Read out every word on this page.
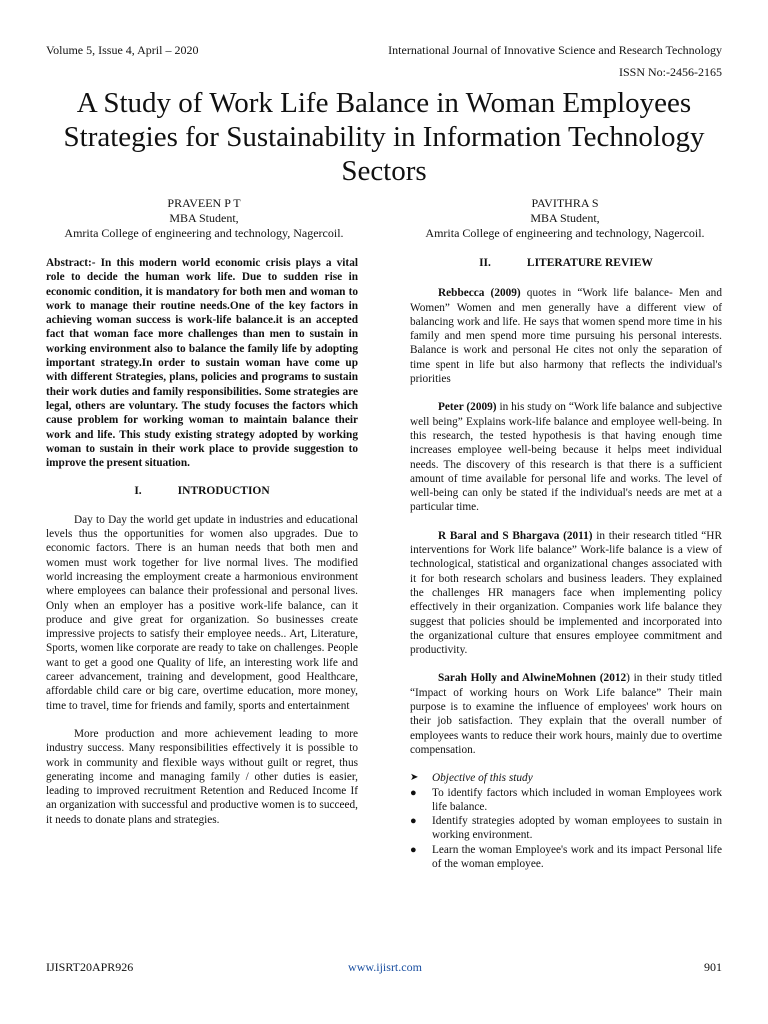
Volume 5, Issue 4, April – 2020	International Journal of Innovative Science and Research Technology
ISSN No:-2456-2165
A Study of Work Life Balance in Woman Employees Strategies for Sustainability in Information Technology Sectors
PRAVEEN P T
MBA Student,
Amrita College of engineering and technology, Nagercoil.
PAVITHRA S
MBA Student,
Amrita College of engineering and technology, Nagercoil.

Abstract:- In this modern world economic crisis plays a vital role to decide the human work life. Due to sudden rise in economic condition, it is mandatory for both men and woman to work to manage their routine needs.One of the key factors in achieving woman success is work-life balance.it is an accepted fact that woman face more challenges than men to sustain in working environment also to balance the family life by adopting important strategy.In order to sustain woman have come up with different Strategies, plans, policies and programs to sustain their work duties and family responsibilities. Some strategies are legal, others are voluntary. The study focuses the factors which cause problem for working woman to maintain balance their work and life. This study existing strategy adopted by working woman to sustain in their work place to provide suggestion to improve the present situation.

I.	INTRODUCTION

Day to Day the world get update in industries and educational levels thus the opportunities for women also upgrades. Due to economic factors. There is an human needs that both men and women must work together for live normal lives. The modified world increasing the employment create a harmonious environment where employees can balance their professional and personal lives. Only when an employer has a positive work-life balance, can it produce and give great for organization. So businesses create impressive projects to satisfy their employee needs.. Art, Literature, Sports, women like corporate are ready to take on challenges. People want to get a good one Quality of life, an interesting work life and career advancement, training and development, good Healthcare, affordable child care or big care, overtime education, more money, time to travel, time for friends and family, sports and entertainment

More production and more achievement leading to more industry success. Many responsibilities effectively it is possible to work in community and flexible ways without guilt or regret, thus generating income and managing family / other duties is easier, leading to improved recruitment Retention and Reduced Income If an organization with successful and productive women is to succeed, it needs to donate plans and strategies.

II.	LITERATURE REVIEW

Rebbecca (2009) quotes in “Work life balance- Men and Women” Women and men generally have a different view of balancing work and life. He says that women spend more time in his family and men spend more time pursuing his personal interests. Balance is work and personal He cites not only the separation of time spent in life but also harmony that reflects the individual's priorities

Peter (2009) in his study on “Work life balance and subjective well being” Explains work-life balance and employee well-being. In this research, the tested hypothesis is that having enough time increases employee well-being because it helps meet individual needs. The discovery of this research is that there is a sufficient amount of time available for personal life and works. The level of well-being can only be stated if the individual's needs are met at a particular time.

R Baral and S Bhargava (2011) in their research titled “HR interventions for Work life balance” Work-life balance is a view of technological, statistical and organizational changes associated with it for both research scholars and business leaders. They explained the challenges HR managers face when implementing policy effectively in their organization. Companies work life balance they suggest that policies should be implemented and incorporated into the organizational culture that ensures employee commitment and productivity.

Sarah Holly and AlwineMohnen (2012) in their study titled “Impact of working hours on Work Life balance” Their main purpose is to examine the influence of employees' work hours on their job satisfaction. They explain that the overall number of employees wants to reduce their work hours, mainly due to overtime compensation.

➤	Objective of this study

●	To identify factors which included in woman Employees work life balance.
●	Identify strategies adopted by woman employees to sustain in working environment.
●	Learn the woman Employee's work and its impact Personal life of the woman employee.
IJISRT20APR926	www.ijisrt.com	901
